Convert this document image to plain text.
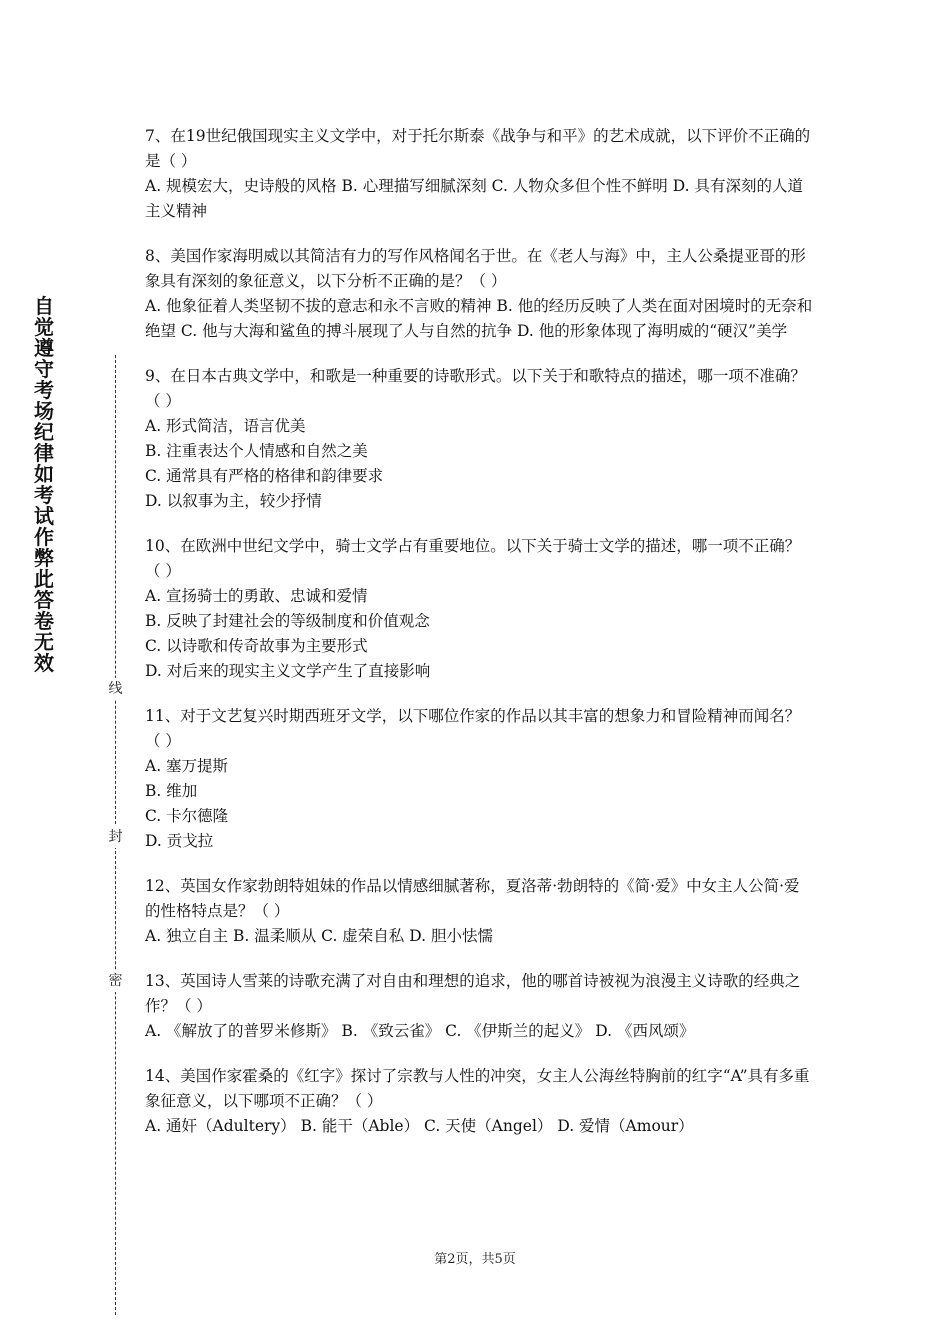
自觉遵守考场纪律如考试作弊此答卷无效
线
封
密

7、在19世纪俄国现实主义文学中，对于托尔斯泰《战争与和平》的艺术成就，以下评价不正确的是（ ）

A. 规模宏大，史诗般的风格 B. 心理描写细腻深刻 C. 人物众多但个性不鲜明 D. 具有深刻的人道主义精神

8、美国作家海明威以其简洁有力的写作风格闻名于世。在《老人与海》中，主人公桑提亚哥的形象具有深刻的象征意义，以下分析不正确的是？（ ）

A. 他象征着人类坚韧不拔的意志和永不言败的精神 B. 他的经历反映了人类在面对困境时的无奈和绝望 C. 他与大海和鲨鱼的搏斗展现了人与自然的抗争 D. 他的形象体现了海明威的“硬汉”美学

9、在日本古典文学中，和歌是一种重要的诗歌形式。以下关于和歌特点的描述，哪一项不准确？（ ）

A. 形式简洁，语言优美

B. 注重表达个人情感和自然之美

C. 通常具有严格的格律和韵律要求

D. 以叙事为主，较少抒情

10、在欧洲中世纪文学中，骑士文学占有重要地位。以下关于骑士文学的描述，哪一项不正确？（ ）

A. 宣扬骑士的勇敢、忠诚和爱情

B. 反映了封建社会的等级制度和价值观念

C. 以诗歌和传奇故事为主要形式

D. 对后来的现实主义文学产生了直接影响

11、对于文艺复兴时期西班牙文学，以下哪位作家的作品以其丰富的想象力和冒险精神而闻名？（ ）

A. 塞万提斯

B. 维加

C. 卡尔德隆

D. 贡戈拉

12、英国女作家勃朗特姐妹的作品以情感细腻著称，夏洛蒂·勃朗特的《简·爱》中女主人公简·爱的性格特点是？（ ）

A. 独立自主 B. 温柔顺从 C. 虚荣自私 D. 胆小怯懦

13、英国诗人雪莱的诗歌充满了对自由和理想的追求，他的哪首诗被视为浪漫主义诗歌的经典之作？（ ）

A. 《解放了的普罗米修斯》 B. 《致云雀》 C. 《伊斯兰的起义》 D. 《西风颂》

14、美国作家霍桑的《红字》探讨了宗教与人性的冲突，女主人公海丝特胸前的红字“A”具有多重象征意义，以下哪项不正确？（ ）

A. 通奸（Adultery） B. 能干（Able） C. 天使（Angel） D. 爱情（Amour）

第2页，共5页
